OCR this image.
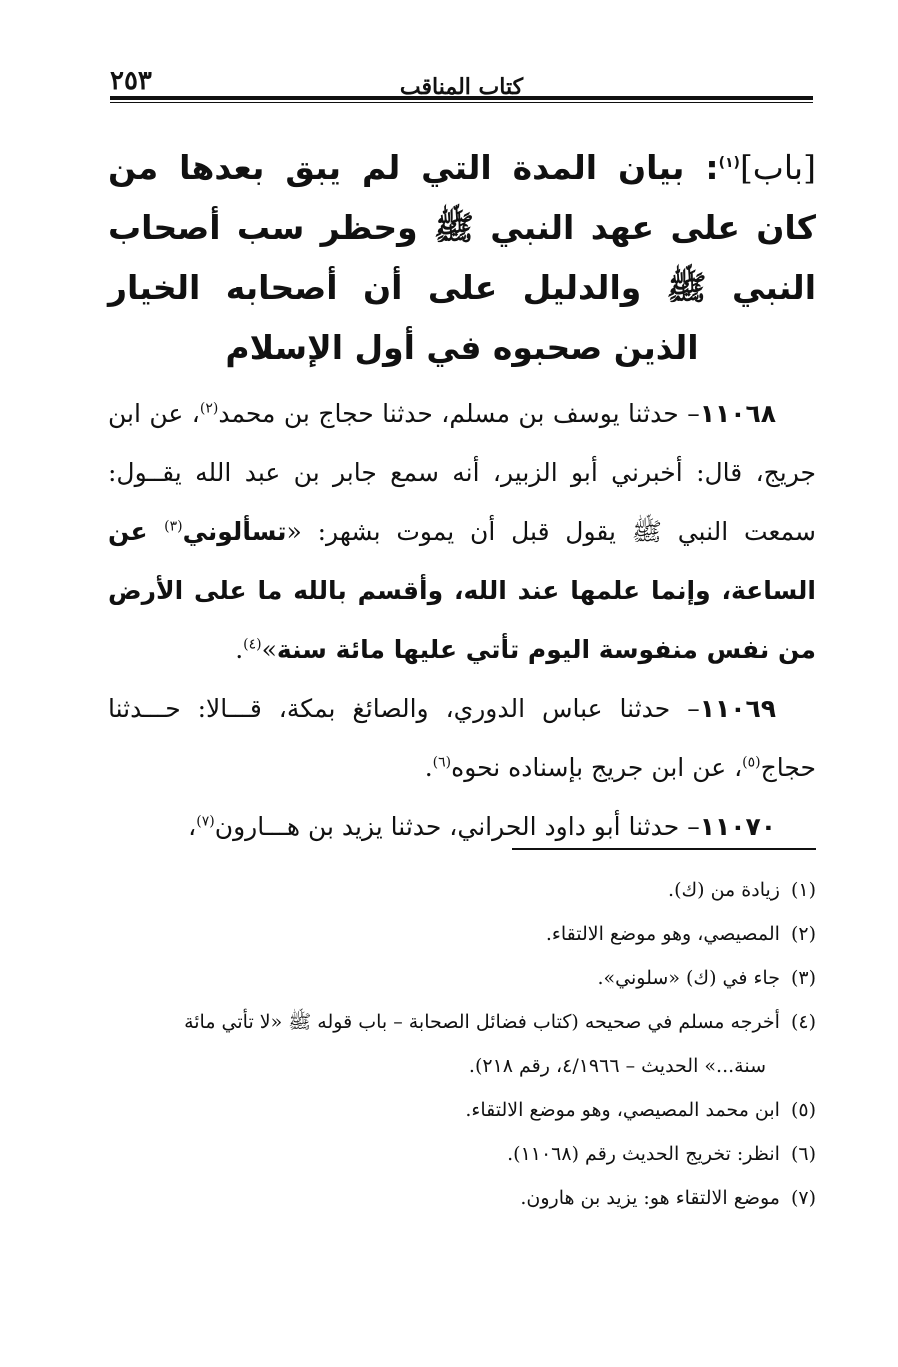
كتاب المناقب
٢٥٣

[باب]$^{(١)}$: بيان المدة التي لم يبق بعدها من كان على عهد النبي ﷺ وحظر سب أصحاب النبي ﷺ والدليل على أن أصحابه الخيار الذين صحبوه في أول الإسلام

١١٠٦٨– حدثنا يوسف بن مسلم، حدثنا حجاج بن محمد$^{(٢)}$، عن ابن جريج، قال: أخبرني أبو الزبير، أنه سمع جابر بن عبد الله يقــول: سمعت النبي ﷺ يقول قبل أن يموت بشهر: «تسألوني$^{(٣)}$ عن الساعة، وإنما علمها عند الله، وأقسم بالله ما على الأرض من نفس منفوسة اليوم تأتي عليها مائة سنة»$^{(٤)}$.

١١٠٦٩– حدثنا عباس الدوري، والصائغ بمكة، قـــالا: حـــدثنا حجاج$^{(٥)}$، عن ابن جريج بإسناده نحوه$^{(٦)}$.

١١٠٧٠– حدثنا أبو داود الحراني، حدثنا يزيد بن هـــارون$^{(٧)}$،

(١) زيادة من (ك).

(٢) المصيصي، وهو موضع الالتقاء.

(٣) جاء في (ك) «سلوني».

(٤) أخرجه مسلم في صحيحه (كتاب فضائل الصحابة – باب قوله ﷺ «لا تأتي مائة

سنة...» الحديث – ٤/١٩٦٦، رقم ٢١٨).

(٥) ابن محمد المصيصي، وهو موضع الالتقاء.

(٦) انظر: تخريج الحديث رقم (١١٠٦٨).

(٧) موضع الالتقاء هو: يزيد بن هارون.
